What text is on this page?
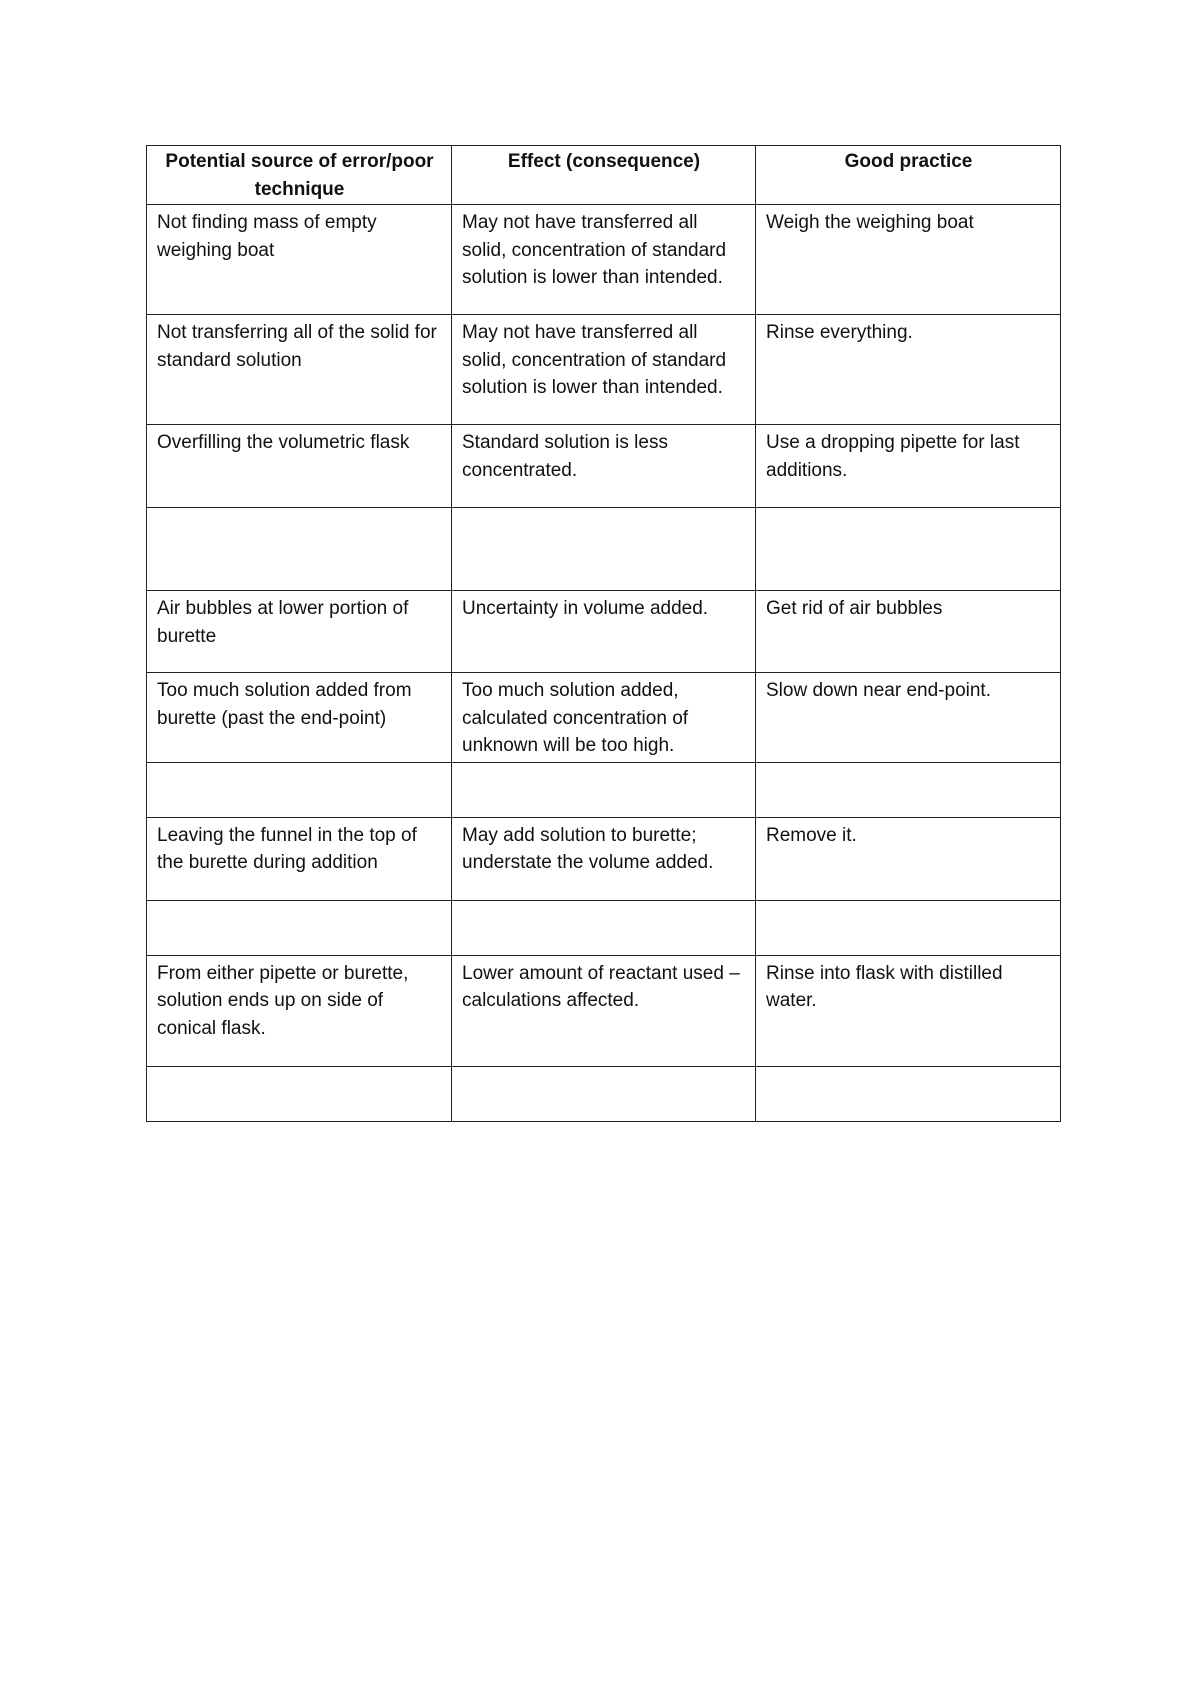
Potential source of error/poor technique	Effect (consequence)	Good practice
Not finding mass of empty weighing boat	May not have transferred all solid, concentration of standard solution is lower than intended.	Weigh the weighing boat
Not transferring all of the solid for standard solution	May not have transferred all solid, concentration of standard solution is lower than intended.	Rinse everything.
Overfilling the volumetric flask	Standard solution is less concentrated.	Use a dropping pipette for last additions.

Air bubbles at lower portion of burette	Uncertainty in volume added.	Get rid of air bubbles
Too much solution added from burette (past the end-point)	Too much solution added, calculated concentration of unknown will be too high.	Slow down near end-point.

Leaving the funnel in the top of the burette during addition	May add solution to burette; understate the volume added.	Remove it.

From either pipette or burette, solution ends up on side of conical flask.	Lower amount of reactant used – calculations affected.	Rinse into flask with distilled water.
